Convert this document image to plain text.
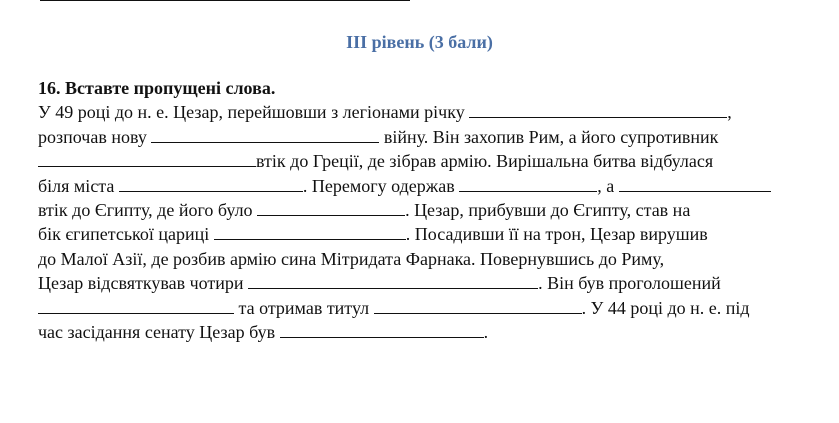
ІІІ рівень (3 бали)
16. Вставте пропущені слова.
У 49 році до н. е. Цезар, перейшовши з легіонами річку	,
розпочав нову	війну. Він захопив Рим, а його супротивник
втік до Греції, де зібрав армію. Вирішальна битва відбулася
біля міста	. Перемогу одержав	, а
втік до Єгипту, де його було	. Цезар, прибувши до Єгипту, став на
бік єгипетської цариці	. Посадивши її на трон, Цезар вирушив
до Малої Азії, де розбив армію сина Мітридата Фарнака. Повернувшись до Риму,
Цезар відсвяткував чотири	. Він був проголошений
та отримав титул	. У 44 році до н. е. під
час засідання сенату Цезар був	.
